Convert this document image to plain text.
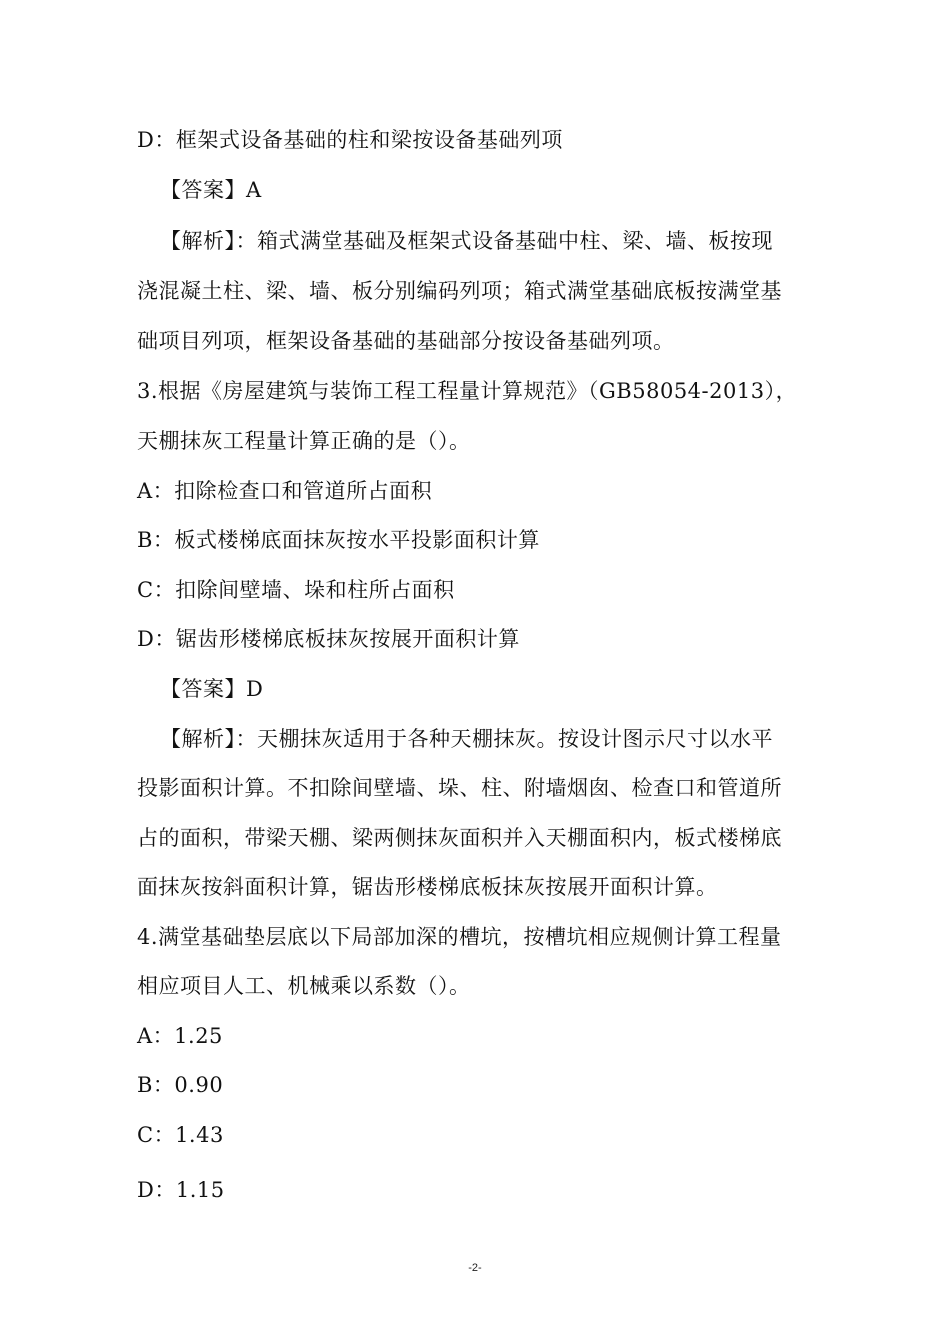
D：框架式设备基础的柱和梁按设备基础列项
【答案】A
【解析】：箱式满堂基础及框架式设备基础中柱、梁、墙、板按现
浇混凝土柱、梁、墙、板分别编码列项；箱式满堂基础底板按满堂基
础项目列项，框架设备基础的基础部分按设备基础列项。
3.根据《房屋建筑与装饰工程工程量计算规范》（GB58054-2013），
天棚抹灰工程量计算正确的是（）。
A：扣除检查口和管道所占面积
B：板式楼梯底面抹灰按水平投影面积计算
C：扣除间壁墙、垛和柱所占面积
D：锯齿形楼梯底板抹灰按展开面积计算
【答案】D
【解析】：天棚抹灰适用于各种天棚抹灰。按设计图示尺寸以水平
投影面积计算。不扣除间壁墙、垛、柱、附墙烟囱、检查口和管道所
占的面积，带梁天棚、梁两侧抹灰面积并入天棚面积内，板式楼梯底
面抹灰按斜面积计算，锯齿形楼梯底板抹灰按展开面积计算。
4.满堂基础垫层底以下局部加深的槽坑，按槽坑相应规侧计算工程量
相应项目人工、机械乘以系数（）。
A：1.25
B：0.90
C：1.43
D：1.15
-2-
